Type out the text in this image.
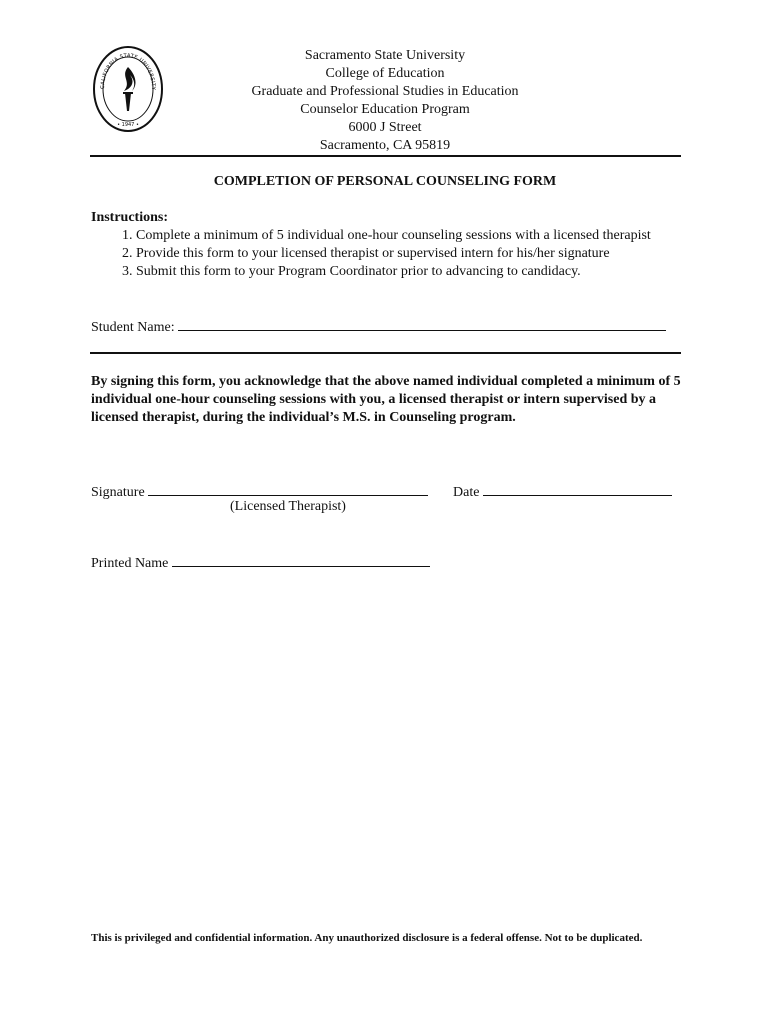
CALIFORNIA STATE UNIVERSITY
• 1947 •
Sacramento State University
College of Education
Graduate and Professional Studies in Education
Counselor Education Program
6000 J Street
Sacramento, CA 95819
COMPLETION OF PERSONAL COUNSELING FORM
Instructions:
1. Complete a minimum of 5 individual one-hour counseling sessions with a licensed therapist
2. Provide this form to your licensed therapist or supervised intern for his/her signature
3. Submit this form to your Program Coordinator prior to advancing to candidacy.
Student Name:
By signing this form, you acknowledge that the above named individual completed a minimum of 5 individual one-hour counseling sessions with you, a licensed therapist or intern supervised by a licensed therapist, during the individual’s M.S. in Counseling program.
Signature	Date
(Licensed Therapist)
Printed Name
This is privileged and confidential information. Any unauthorized disclosure is a federal offense. Not to be duplicated.
